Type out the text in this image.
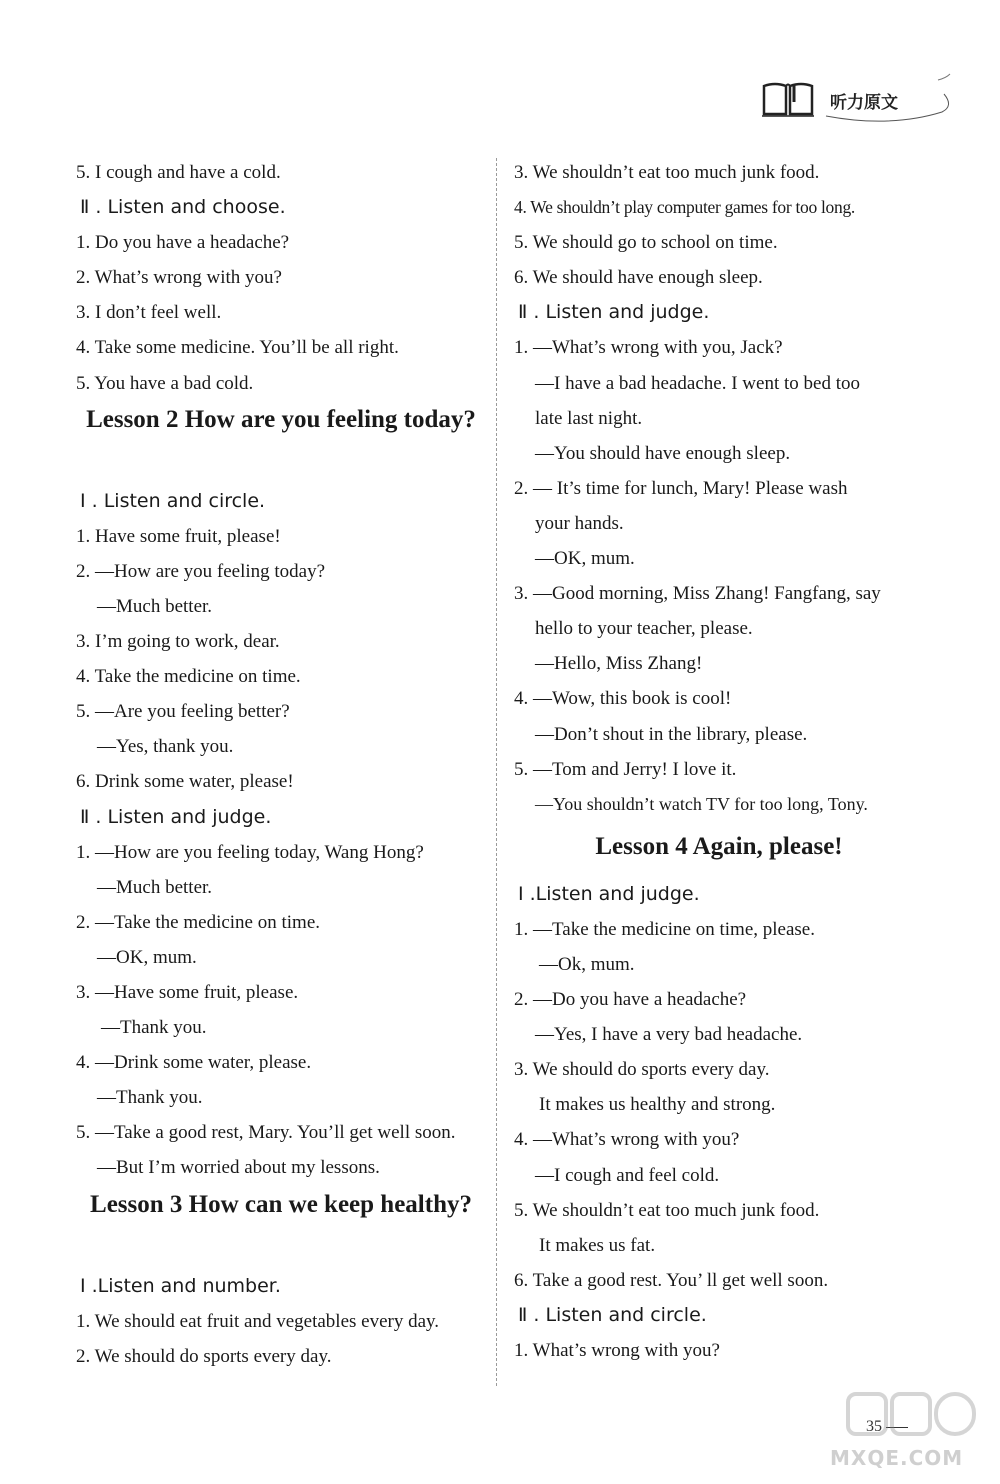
听力原文
5. I cough and have a cold.
Ⅱ . Listen and choose.
1. Do you have a headache?
2. What’s wrong with you?
3. I don’t feel well.
4. Take some medicine. You’ll be all right.
5. You have a bad cold.
Lesson 2 How are you feeling today?
Ⅰ . Listen and circle.
1. Have some fruit, please!
2. —How are you feeling today?
—Much better.
3. I’m going to work, dear.
4. Take the medicine on time.
5. —Are you feeling better?
—Yes, thank you.
6. Drink some water, please!
Ⅱ . Listen and judge.
1. —How are you feeling today, Wang Hong?
—Much better.
2. —Take the medicine on time.
—OK, mum.
3. —Have some fruit, please.
—Thank you.
4. —Drink some water, please.
—Thank you.
5. —Take a good rest, Mary. You’ll get well soon.
—But I’m worried about my lessons.
Lesson 3 How can we keep healthy?
Ⅰ .Listen and number.
1. We should eat fruit and vegetables every day.
2. We should do sports every day.
3. We shouldn’t eat too much junk food.
4. We shouldn’t play computer games for too long.
5. We should go to school on time.
6. We should have enough sleep.
Ⅱ . Listen and judge.
1. —What’s wrong with you, Jack?
—I have a bad headache. I went to bed too
late last night.
—You should have enough sleep.
2. — It’s time for lunch, Mary! Please wash
your hands.
—OK, mum.
3. —Good morning, Miss Zhang! Fangfang, say
hello to your teacher, please.
—Hello, Miss Zhang!
4. —Wow, this book is cool!
—Don’t shout in the library, please.
5. —Tom and Jerry! I love it.
—You shouldn’t watch TV for too long, Tony.
Lesson 4 Again, please!
Ⅰ .Listen and judge.
1. —Take the medicine on time, please.
—Ok, mum.
2. —Do you have a headache?
—Yes, I have a very bad headache.
3. We should do sports every day.
It makes us healthy and strong.
4. —What’s wrong with you?
—I cough and feel cold.
5. We shouldn’t eat too much junk food.
It makes us fat.
6. Take a good rest. You’ ll get well soon.
Ⅱ . Listen and circle.
1. What’s wrong with you?
35
MXQE.COM
